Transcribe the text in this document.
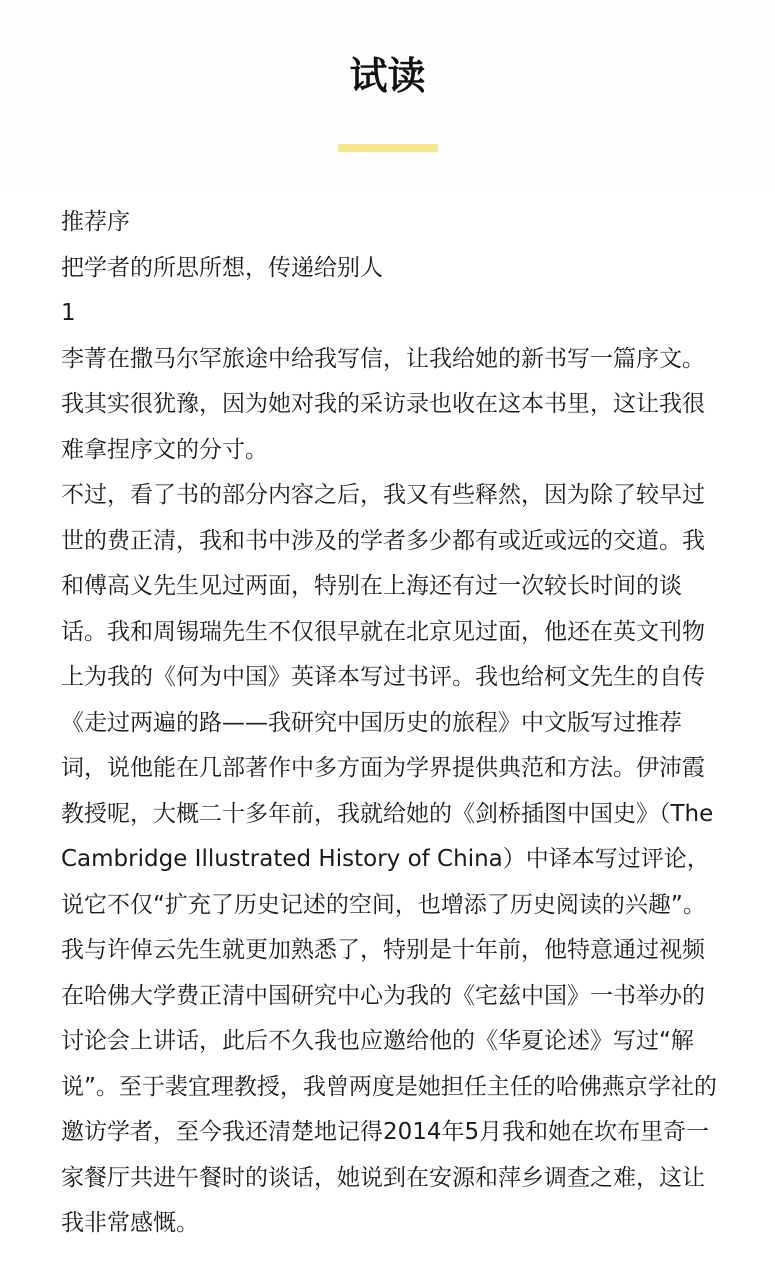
试读

推荐序

把学者的所思所想，传递给别人

1

李菁在撒马尔罕旅途中给我写信，让我给她的新书写一篇序文。我其实很犹豫，因为她对我的采访录也收在这本书里，这让我很难拿捏序文的分寸。

不过，看了书的部分内容之后，我又有些释然，因为除了较早过世的费正清，我和书中涉及的学者多少都有或近或远的交道。我和傅高义先生见过两面，特别在上海还有过一次较长时间的谈话。我和周锡瑞先生不仅很早就在北京见过面，他还在英文刊物上为我的《何为中国》英译本写过书评。我也给柯文先生的自传《走过两遍的路——我研究中国历史的旅程》中文版写过推荐词，说他能在几部著作中多方面为学界提供典范和方法。伊沛霞教授呢，大概二十多年前，我就给她的《剑桥插图中国史》（The Cambridge Illustrated History of China）中译本写过评论，说它不仅“扩充了历史记述的空间，也增添了历史阅读的兴趣”。我与许倬云先生就更加熟悉了，特别是十年前，他特意通过视频在哈佛大学费正清中国研究中心为我的《宅兹中国》一书举办的讨论会上讲话，此后不久我也应邀给他的《华夏论述》写过“解说”。至于裴宜理教授，我曾两度是她担任主任的哈佛燕京学社的邀访学者，至今我还清楚地记得2014年5月我和她在坎布里奇一家餐厅共进午餐时的谈话，她说到在安源和萍乡调查之难，这让我非常感慨。
